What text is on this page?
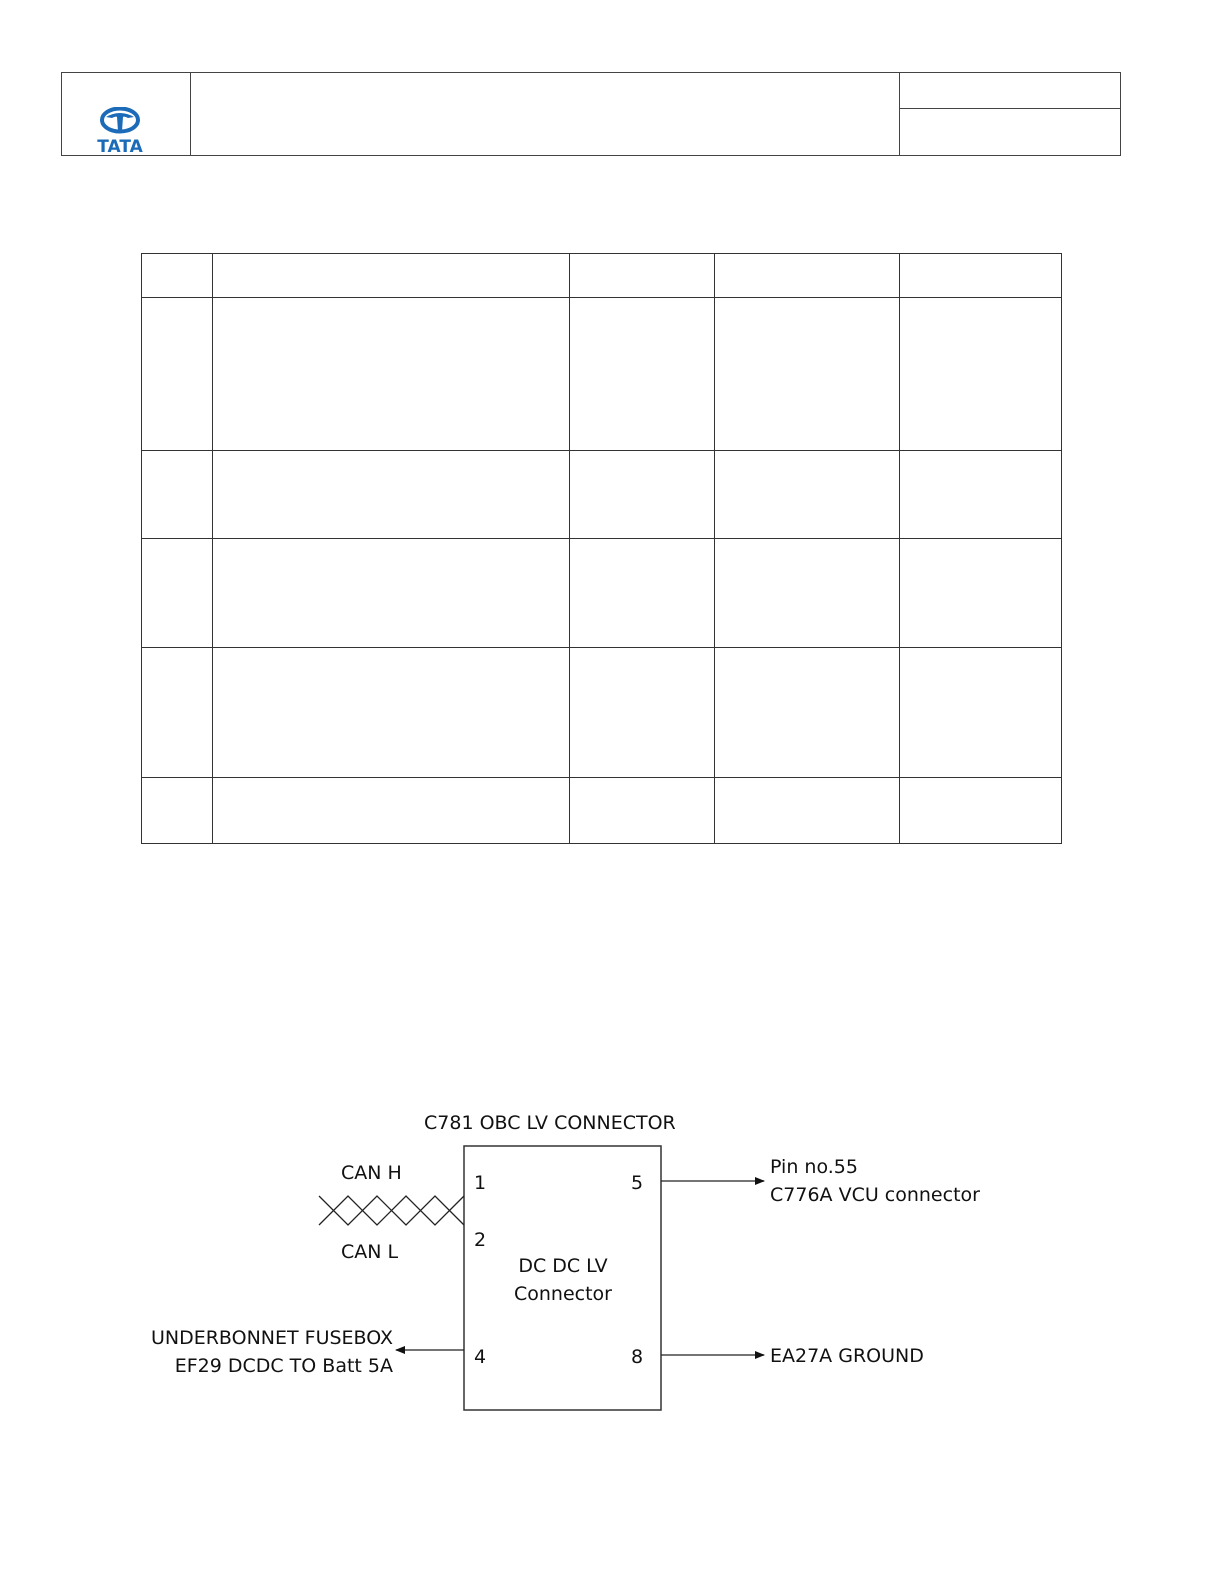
TATA

C781 OBC LV CONNECTOR
DC DC LV
Connector
1
2
4
5
8
CAN H
CAN L
Pin no.55
C776A VCU connector
EA27A GROUND
UNDERBONNET FUSEBOX
EF29 DCDC TO Batt 5A
